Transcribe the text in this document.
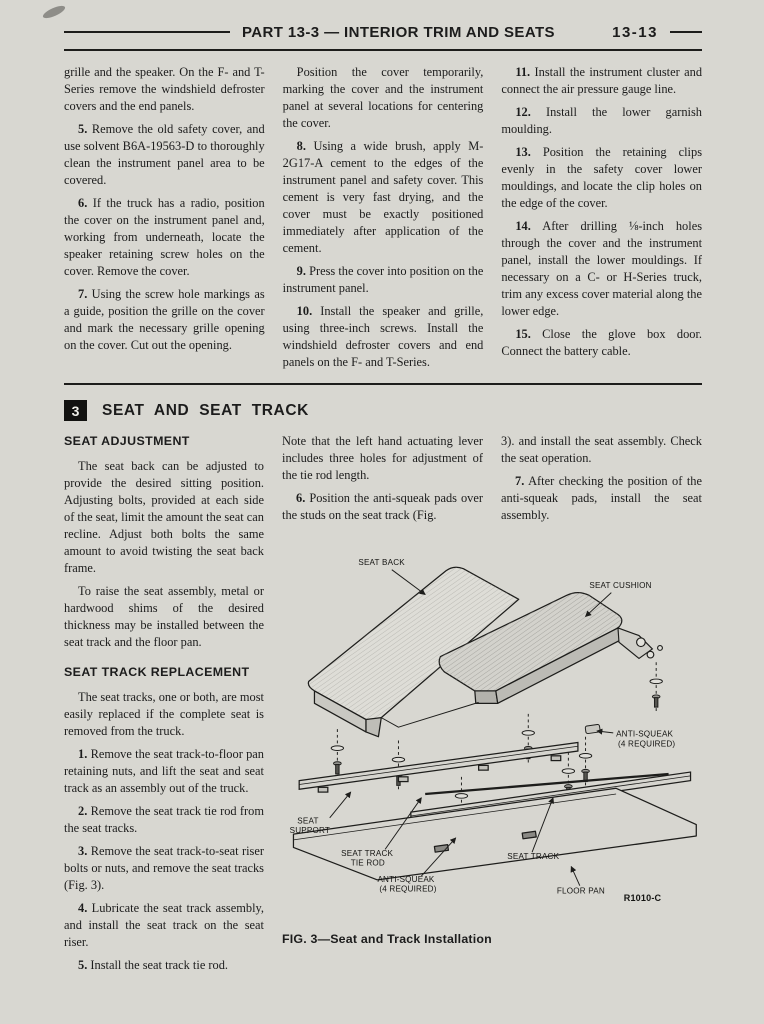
PART 13-3 — INTERIOR TRIM AND SEATS	13-13

grille and the speaker. On the F- and T-Series remove the windshield defroster covers and the end panels.

5. Remove the old safety cover, and use solvent B6A-19563-D to thoroughly clean the instrument panel area to be covered.

6. If the truck has a radio, position the cover on the instrument panel and, working from underneath, locate the speaker retaining screw holes on the cover. Remove the cover.

7. Using the screw hole markings as a guide, position the grille on the cover and mark the necessary grille opening on the cover. Cut out the opening.

Position the cover temporarily, marking the cover and the instrument panel at several locations for centering the cover.

8. Using a wide brush, apply M-2G17-A cement to the edges of the instrument panel and safety cover. This cement is very fast drying, and the cover must be exactly positioned immediately after application of the cement.

9. Press the cover into position on the instrument panel.

10. Install the speaker and grille, using three-inch screws. Install the windshield defroster covers and end panels on the F- and T-Series.

11. Install the instrument cluster and connect the air pressure gauge line.

12. Install the lower garnish moulding.

13. Position the retaining clips evenly in the safety cover lower mouldings, and locate the clip holes on the edge of the cover.

14. After drilling ⅛-inch holes through the cover and the instrument panel, install the lower mouldings. If necessary on a C- or H-Series truck, trim any excess cover material along the lower edge.

15. Close the glove box door. Connect the battery cable.

3	SEAT AND SEAT TRACK
SEAT ADJUSTMENT

The seat back can be adjusted to provide the desired sitting position. Adjusting bolts, provided at each side of the seat, limit the amount the seat can recline. Adjust both bolts the same amount to avoid twisting the seat back frame.

To raise the seat assembly, metal or hardwood shims of the desired thickness may be installed between the seat track and the floor pan.

SEAT TRACK REPLACEMENT

The seat tracks, one or both, are most easily replaced if the complete seat is removed from the truck.

1. Remove the seat track-to-floor pan retaining nuts, and lift the seat and seat track as an assembly out of the truck.

2. Remove the seat track tie rod from the seat tracks.

3. Remove the seat track-to-seat riser bolts or nuts, and remove the seat tracks (Fig. 3).

4. Lubricate the seat track assembly, and install the seat track on the seat riser.

5. Install the seat track tie rod.

Note that the left hand actuating lever includes three holes for adjustment of the tie rod length.

6. Position the anti-squeak pads over the studs on the seat track (Fig.

3). and install the seat assembly. Check the seat operation.

7. After checking the position of the anti-squeak pads, install the seat assembly.

SEAT BACK
SEAT CUSHION
ANTI-SQUEAK
(4 REQUIRED)
SEAT
SUPPORT
SEAT TRACK
TIE ROD
ANTI-SQUEAK
(4 REQUIRED)
SEAT TRACK
FLOOR PAN
R1010-C
FIG. 3—Seat and Track Installation
